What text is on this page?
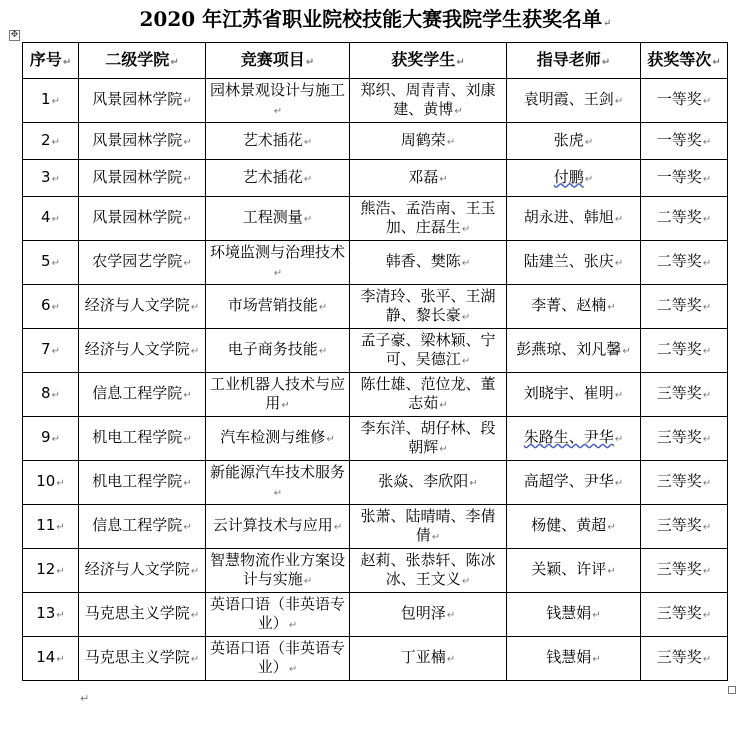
2020 年江苏省职业院校技能大赛我院学生获奖名单↵
✥
序号↵	二级学院↵	竞赛项目↵	获奖学生↵	指导老师↵	获奖等次↵
1↵	风景园林学院↵	园林景观设计与施工↵	郑织、周青青、刘康建、黄博↵	袁明霞、王剑↵	一等奖↵
2↵	风景园林学院↵	艺术插花↵	周鹤荣↵	张虎↵	一等奖↵
3↵	风景园林学院↵	艺术插花↵	邓磊↵	付鹏↵	一等奖↵
4↵	风景园林学院↵	工程测量↵	熊浩、孟浩南、王玉加、庄磊生↵	胡永进、韩旭↵	二等奖↵
5↵	农学园艺学院↵	环境监测与治理技术↵	韩香、樊陈↵	陆建兰、张庆↵	二等奖↵
6↵	经济与人文学院↵	市场营销技能↵	李清玲、张平、王湖静、黎长豪↵	李菁、赵楠↵	二等奖↵
7↵	经济与人文学院↵	电子商务技能↵	孟子豪、梁林颖、宁可、吴德江↵	彭燕琼、刘凡馨↵	二等奖↵
8↵	信息工程学院↵	工业机器人技术与应用↵	陈仕雄、范位龙、董志茹↵	刘晓宇、崔明↵	三等奖↵
9↵	机电工程学院↵	汽车检测与维修↵	李东洋、胡仔林、段朝辉↵	朱路生、尹华↵	三等奖↵
10↵	机电工程学院↵	新能源汽车技术服务↵	张焱、李欣阳↵	高超学、尹华↵	三等奖↵
11↵	信息工程学院↵	云计算技术与应用↵	张萧、陆晴晴、李倩倩↵	杨健、黄超↵	三等奖↵
12↵	经济与人文学院↵	智慧物流作业方案设计与实施↵	赵莉、张恭轩、陈冰冰、王文义↵	关颖、许评↵	三等奖↵
13↵	马克思主义学院↵	英语口语（非英语专业）↵	包明泽↵	钱慧娟↵	三等奖↵
14↵	马克思主义学院↵	英语口语（非英语专业）↵	丁亚楠↵	钱慧娟↵	三等奖↵
↵
